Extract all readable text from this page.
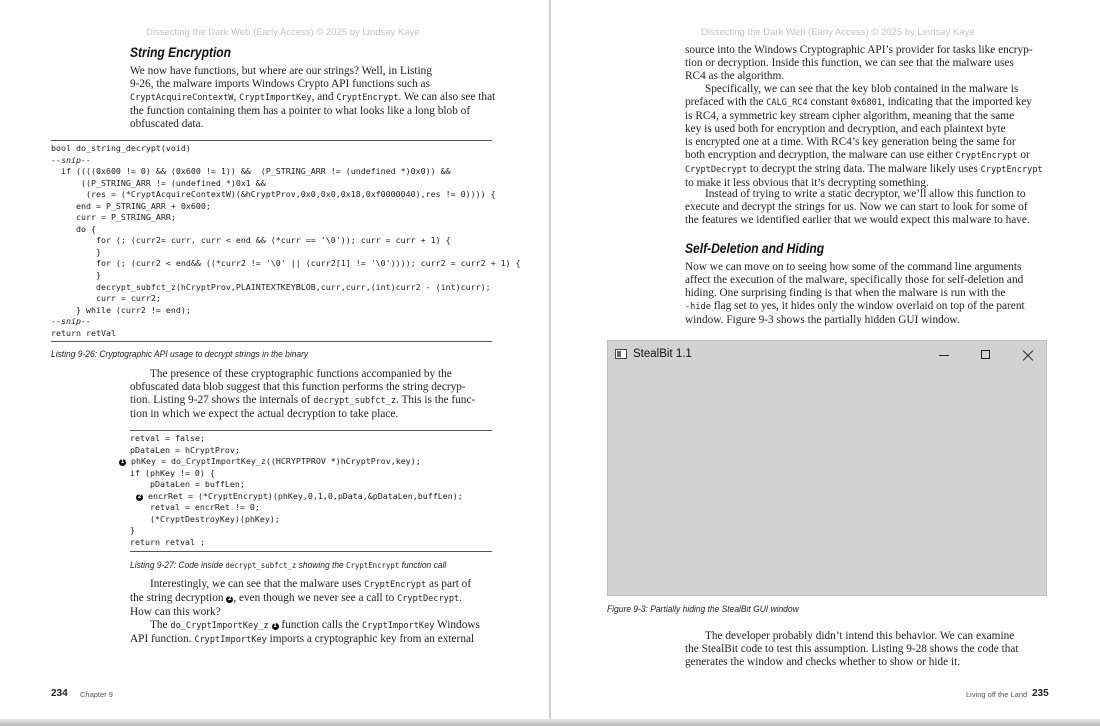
Dissecting the Dark Web (Early Access) © 2025 by Lindsay Kaye	Dissecting the Dark Web (Early Access) © 2025 by Lindsay Kaye
String Encryption
We now have functions, but where are our strings? Well, in Listing
9-26, the malware imports Windows Crypto API functions such as
CryptAcquireContextW, CryptImportKey, and CryptEncrypt. We can also see that
the function containing them has a pointer to what looks like a long blob of
obfuscated data.
bool do_string_decrypt(void)
--snip--
if ((((0x600 != 0) && (0x600 != 1)) &&  (P_STRING_ARR != (undefined *)0x0)) &&
((P_STRING_ARR != (undefined *)0x1 &&
(res = (*CryptAcquireContextW)(&hCryptProv,0x0,0x0,0x18,0xf0000040),res != 0)))) {
end = P_STRING_ARR + 0x600;
curr = P_STRING_ARR;
do {
for (; (curr2= curr, curr < end && (*curr == '\0')); curr = curr + 1) {
}
for (; (curr2 < end&& ((*curr2 != '\0' || (curr2[1] != '\0')))); curr2 = curr2 + 1) {
}
decrypt_subfct_z(hCryptProv,PLAINTEXTKEYBLOB,curr,curr,(int)curr2 - (int)curr);
curr = curr2;
} while (curr2 != end);
--snip--
return retVal
Listing 9-26: Cryptographic API usage to decrypt strings in the binary
The presence of these cryptographic functions accompanied by the
obfuscated data blob suggest that this function performs the string decryp-
tion. Listing 9-27 shows the internals of decrypt_subfct_z. This is the func-
tion in which we expect the actual decryption to take place.
retval = false;
pDataLen = hCryptProv;
1 phKey = do_CryptImportKey_z((HCRYPTPROV *)hCryptProv,key);
if (phKey != 0) {
pDataLen = buffLen;
2 encrRet = (*CryptEncrypt)(phKey,0,1,0,pData,&pDataLen,buffLen);
retval = encrRet != 0;
(*CryptDestroyKey)(phKey);
}
return retval ;
Listing 9-27: Code inside decrypt_subfct_z showing the CryptEncrypt function call
Interestingly, we can see that the malware uses CryptEncrypt as part of
the string decryption 2 , even though we never see a call to CryptDecrypt.
How can this work?
The do_CryptImportKey_z 1 function calls the CryptImportKey Windows
API function. CryptImportKey imports a cryptographic key from an external
234 Chapter 9
source into the Windows Cryptographic API’s provider for tasks like encryp-
tion or decryption. Inside this function, we can see that the malware uses
RC4 as the algorithm.
Specifically, we can see that the key blob contained in the malware is
prefaced with the CALG_RC4 constant 0x6801, indicating that the imported key
is RC4, a symmetric key stream cipher algorithm, meaning that the same
key is used both for encryption and decryption, and each plaintext byte
is encrypted one at a time. With RC4’s key generation being the same for
both encryption and decryption, the malware can use either CryptEncrypt or
CryptDecrypt to decrypt the string data. The malware likely uses CryptEncrypt
to make it less obvious that it’s decrypting something.
Instead of trying to write a static decryptor, we’ll allow this function to
execute and decrypt the strings for us. Now we can start to look for some of
the features we identified earlier that we would expect this malware to have.
Self-Deletion and Hiding
Now we can move on to seeing how some of the command line arguments
affect the execution of the malware, specifically those for self-deletion and
hiding. One surprising finding is that when the malware is run with the
-hide flag set to yes, it hides only the window overlaid on top of the parent
window. Figure 9-3 shows the partially hidden GUI window.
StealBit 1.1
Figure 9-3: Partially hiding the StealBit GUI window
The developer probably didn’t intend this behavior. We can examine
the StealBit code to test this assumption. Listing 9-28 shows the code that
generates the window and checks whether to show or hide it.
Living off the Land 235
